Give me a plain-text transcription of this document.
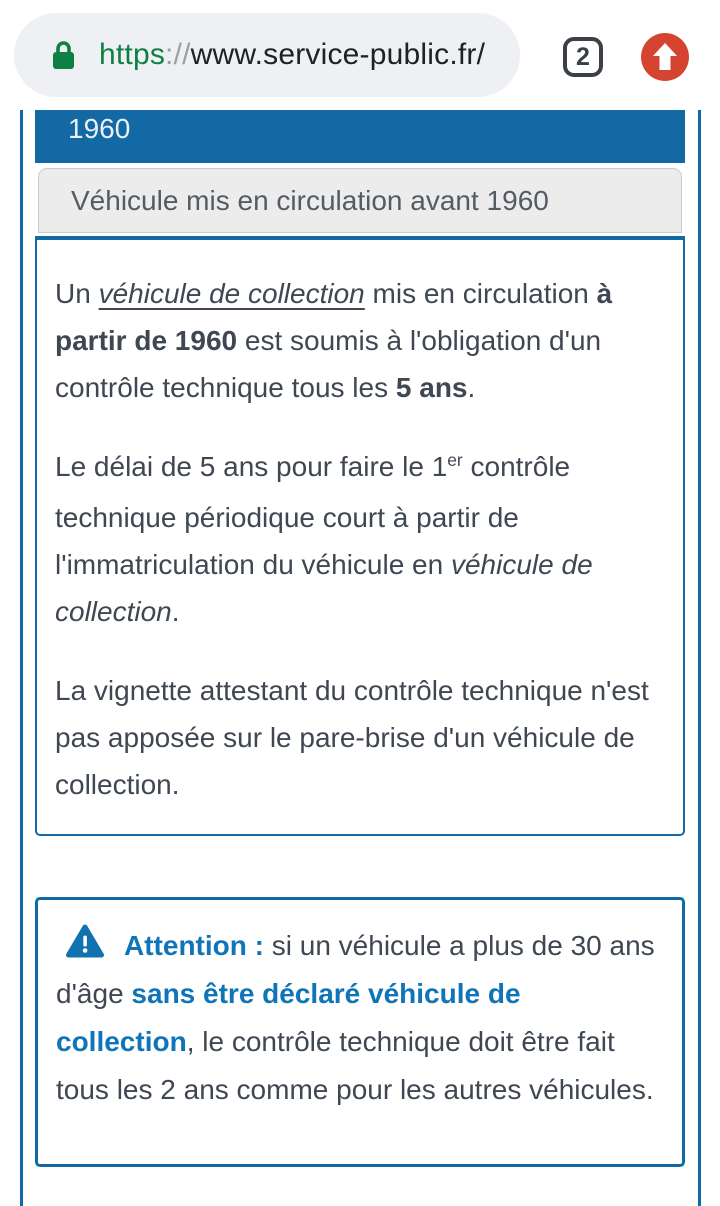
https://www.service-public.fr/	2
1960
Véhicule mis en circulation avant 1960

Un véhicule de collection mis en circulation à partir de 1960 est soumis à l'obligation d'un contrôle technique tous les 5 ans.

Le délai de 5 ans pour faire le 1er contrôle technique périodique court à partir de l'immatriculation du véhicule en véhicule de collection.

La vignette attestant du contrôle technique n'est pas apposée sur le pare-brise d'un véhicule de collection.

Attention : si un véhicule a plus de 30 ans d'âge sans être déclaré véhicule de collection, le contrôle technique doit être fait tous les 2 ans comme pour les autres véhicules.
